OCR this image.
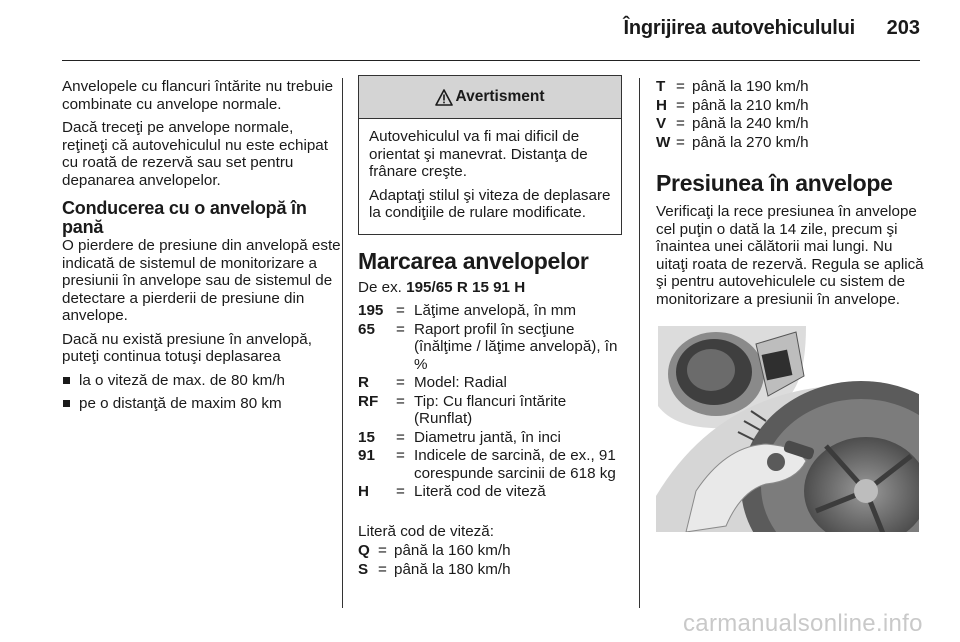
Îngrijirea autovehiculului 203

Anvelopele cu flancuri întărite nu trebuie combinate cu anvelope normale.

Dacă treceţi pe anvelope normale, reţineţi că autovehiculul nu este echipat cu roată de rezervă sau set pentru depanarea anvelopelor.

Conducerea cu o anvelopă în pană

O pierdere de presiune din anvelopă este indicată de sistemul de monitorizare a presiunii în anvelope sau de sistemul de detectare a pierderii de presiune din anvelope.

Dacă nu există presiune în anvelopă, puteţi continua totuşi deplasarea

la o viteză de max. de 80 km/h
pe o distanţă de maxim 80 km
Avertisment

Autovehiculul va fi mai dificil de orientat şi manevrat. Distanţa de frânare creşte.

Adaptaţi stilul şi viteza de deplasare la condiţiile de rulare modificate.

Marcarea anvelopelor

De ex. 195/65 R 15 91 H

195 = Lăţime anvelopă, în mm
65	= Raport profil în secţiune (înălţime / lăţime anvelopă), în %
R	= Model: Radial
RF	= Tip: Cu flancuri întărite (Runflat)
15	= Diametru jantă, în inci
91	= Indicele de sarcină, de ex., 91 corespunde sarcinii de 618 kg
H	= Literă cod de viteză

Literă cod de viteză:

Q = până la 160 km/h
S = până la 180 km/h
T = până la 190 km/h
H = până la 210 km/h
V = până la 240 km/h
W = până la 270 km/h
Presiunea în anvelope

Verificaţi la rece presiunea în anvelope cel puţin o dată la 14 zile, precum şi înaintea unei călătorii mai lungi. Nu uitaţi roata de rezervă. Regula se aplică şi pentru autovehiculele cu sistem de monitorizare a presiunii în anvelope.

carmanualsonline.info
